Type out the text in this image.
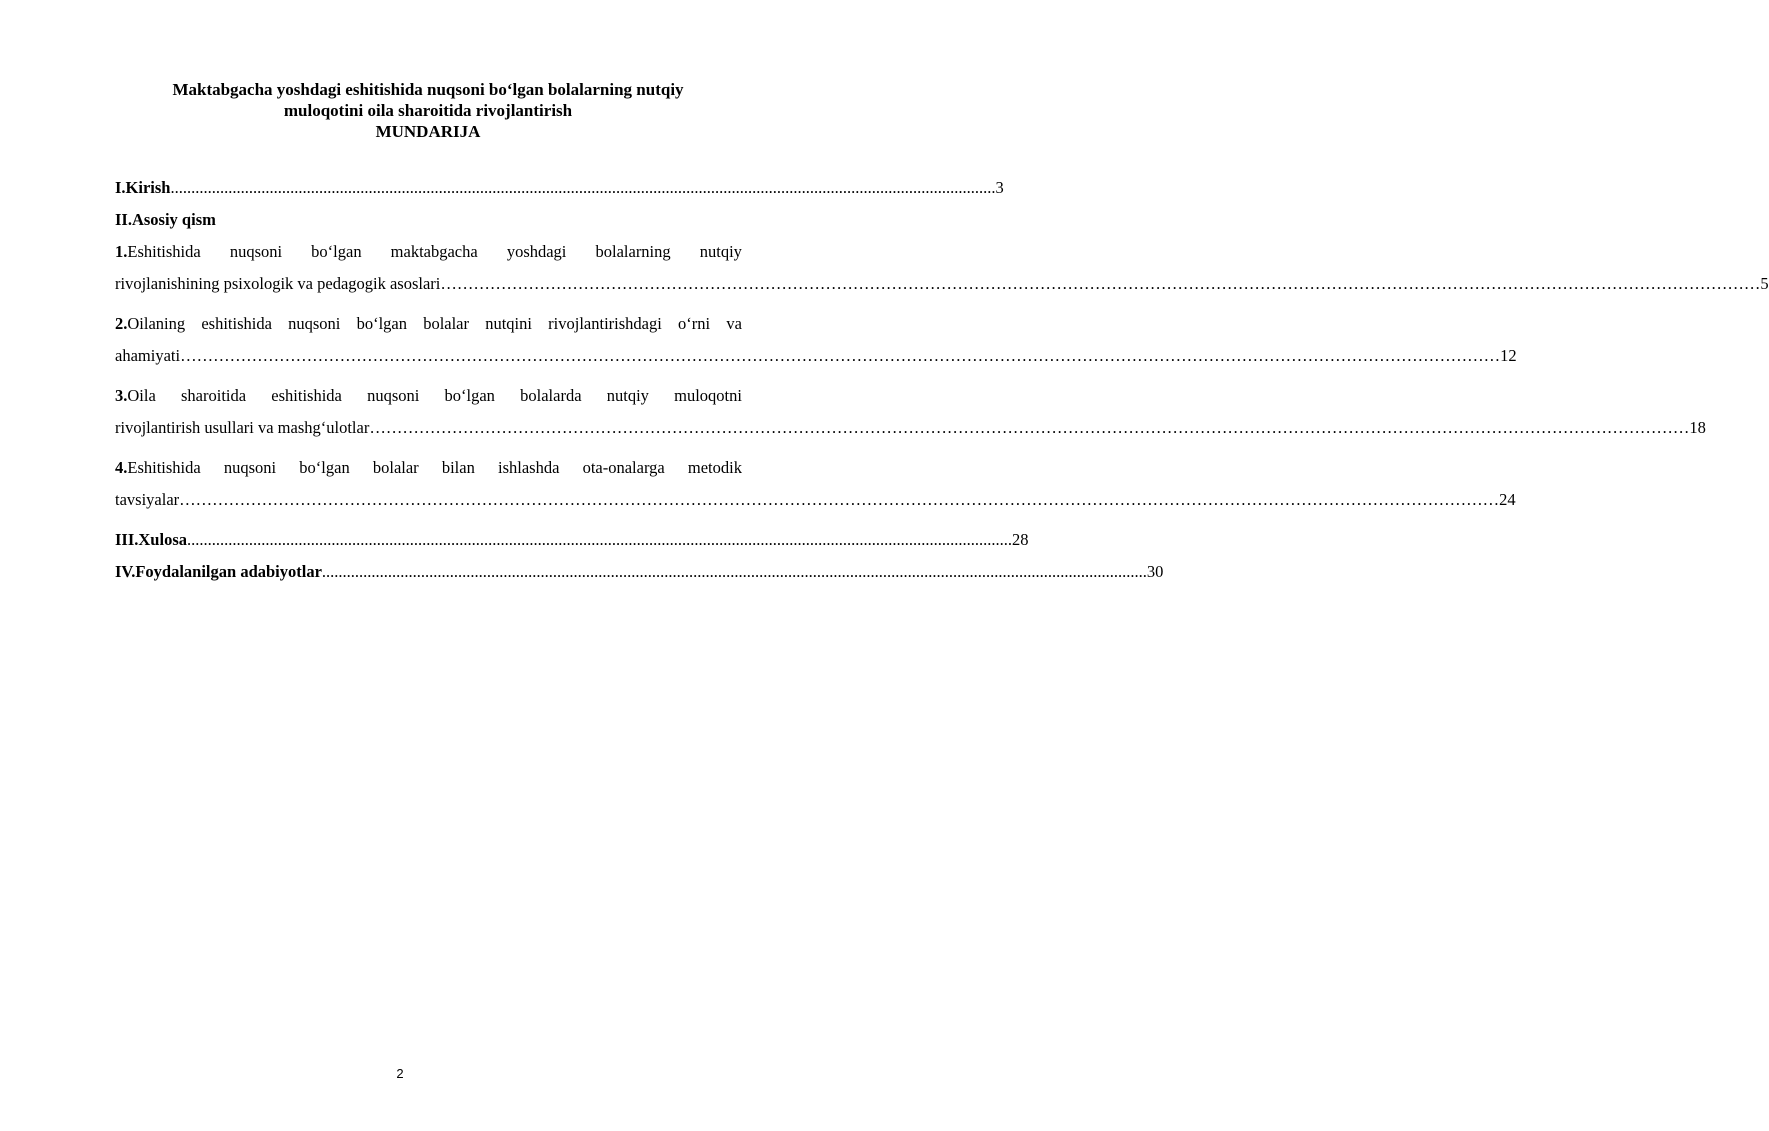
Maktabgacha yoshdagi eshitishida nuqsoni boʻlgan bolalarning nutqiy
muloqotini oila sharoitida rivojlantirish
MUNDARIJA
I.Kirish ........................................................................................................................................................................................................ 3
II.Asosiy qism
1.Eshitishida nuqsoni boʻlgan maktabgacha yoshdagi bolalarning nutqiy
rivojlanishining psixologik va pedagogik asoslari …………………………………………………………………………………………………………………………………………………………………………………………………………………… 5
2.Oilaning eshitishida nuqsoni boʻlgan bolalar nutqini rivojlantirishdagi oʻrni va
ahamiyati …………………………………………………………………………………………………………………………………………………………………………………………………………………… 12
3.Oila sharoitida eshitishida nuqsoni boʻlgan bolalarda nutqiy muloqotni
rivojlantirish usullari va mashgʻulotlar …………………………………………………………………………………………………………………………………………………………………………………………………………………… 18
4.Eshitishida nuqsoni boʻlgan bolalar bilan ishlashda ota-onalarga metodik
tavsiyalar …………………………………………………………………………………………………………………………………………………………………………………………………………………… 24
III.Xulosa ........................................................................................................................................................................................................ 28
IV.Foydalanilgan adabiyotlar ........................................................................................................................................................................................................ 30
2
